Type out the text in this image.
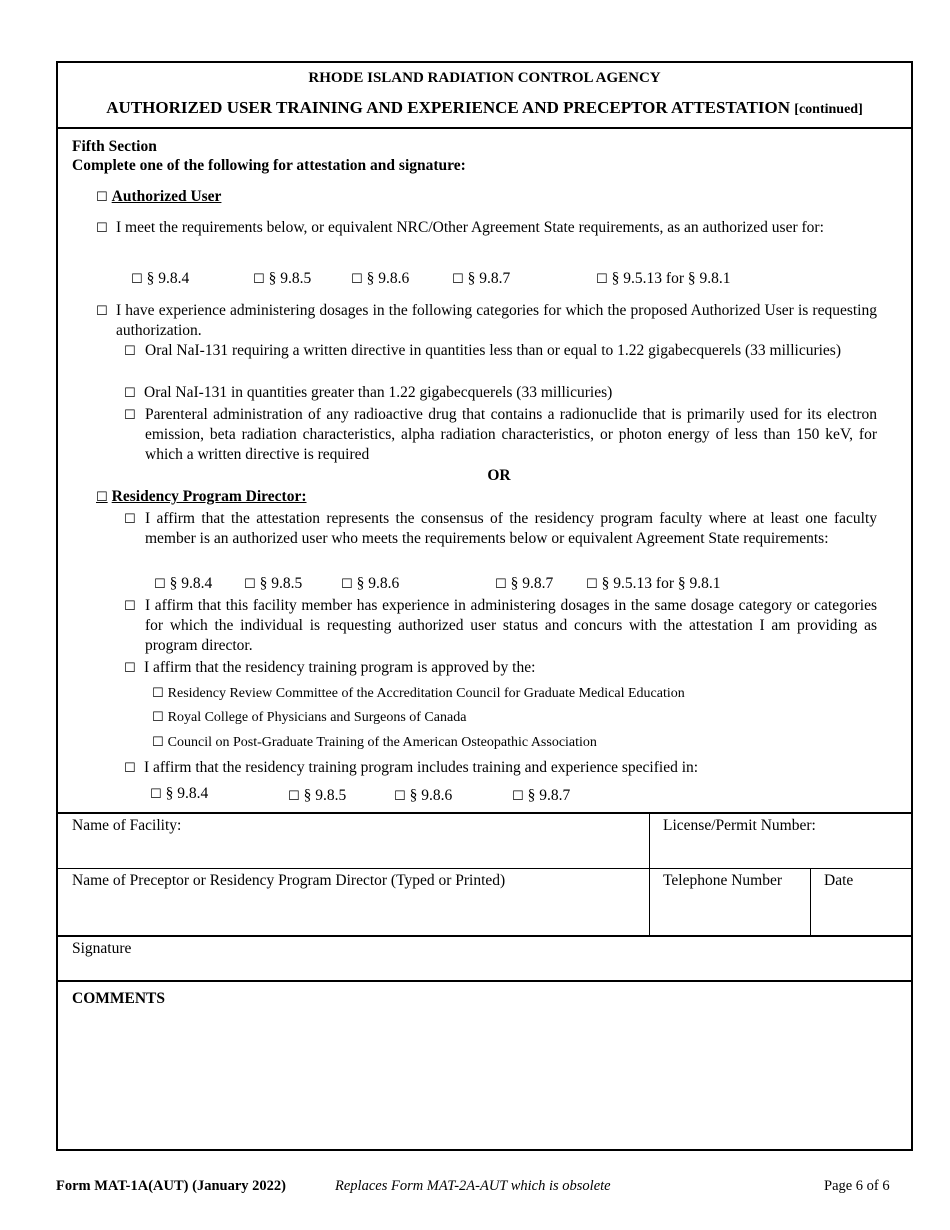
RHODE ISLAND RADIATION CONTROL AGENCY
AUTHORIZED USER TRAINING AND EXPERIENCE AND PRECEPTOR ATTESTATION [continued]
Fifth Section
Complete one of the following for attestation and signature:
☐ Authorized User
☐ I meet the requirements below, or equivalent NRC/Other Agreement State requirements, as an authorized user for:
☐ § 9.8.4	☐ § 9.8.5	☐ § 9.8.6	☐ § 9.8.7	☐ § 9.5.13 for § 9.8.1
☐ I have experience administering dosages in the following categories for which the proposed Authorized User is requesting authorization.
☐ Oral NaI-131 requiring a written directive in quantities less than or equal to 1.22 gigabecquerels (33 millicuries)
☐ Oral NaI-131 in quantities greater than 1.22 gigabecquerels (33 millicuries)
☐ Parenteral administration of any radioactive drug that contains a radionuclide that is primarily used for its electron emission, beta radiation characteristics, alpha radiation characteristics, or photon energy of less than 150 keV, for which a written directive is required
OR
☐ Residency Program Director:
☐ I affirm that the attestation represents the consensus of the residency program faculty where at least one faculty member is an authorized user who meets the requirements below or equivalent Agreement State requirements:
☐ § 9.8.4 ☐ § 9.8.5	☐ § 9.8.6	☐ § 9.8.7	☐ § 9.5.13 for § 9.8.1
☐ I affirm that this facility member has experience in administering dosages in the same dosage category or categories for which the individual is requesting authorized user status and concurs with the attestation I am providing as program director.
☐ I affirm that the residency training program is approved by the:
☐ Residency Review Committee of the Accreditation Council for Graduate Medical Education
☐ Royal College of Physicians and Surgeons of Canada
☐ Council on Post-Graduate Training of the American Osteopathic Association
☐ I affirm that the residency training program includes training and experience specified in:
☐ § 9.8.4	☐ § 9.8.5	☐ § 9.8.6	☐ § 9.8.7
Name of Facility:	License/Permit Number:
Name of Preceptor or Residency Program Director (Typed or Printed)	Telephone Number	Date
Signature
COMMENTS
Form MAT-1A(AUT) (January 2022)	Replaces Form MAT-2A-AUT which is obsolete	Page 6 of 6
